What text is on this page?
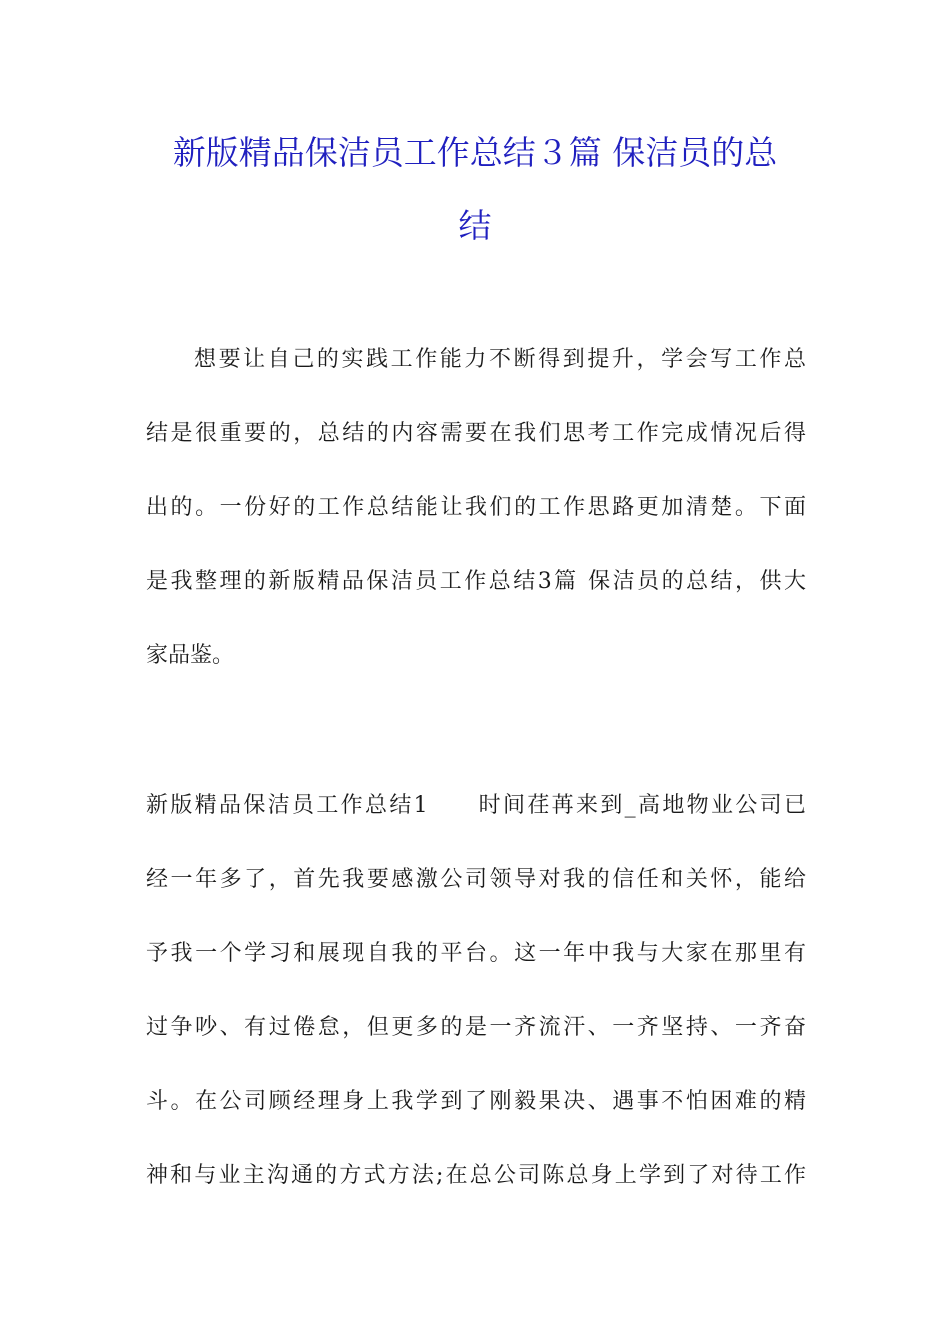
新版精品保洁员工作总结３篇 保洁员的总
结
想要让自己的实践工作能力不断得到提升，学会写工作总
结是很重要的，总结的内容需要在我们思考工作完成情况后得
出的。一份好的工作总结能让我们的工作思路更加清楚。下面
是我整理的新版精品保洁员工作总结3篇 保洁员的总结，供大
家品鉴。
新版精品保洁员工作总结1　　时间荏苒来到_高地物业公司已
经一年多了，首先我要感激公司领导对我的信任和关怀，能给
予我一个学习和展现自我的平台。这一年中我与大家在那里有
过争吵、有过倦怠，但更多的是一齐流汗、一齐坚持、一齐奋
斗。在公司顾经理身上我学到了刚毅果决、遇事不怕困难的精
神和与业主沟通的方式方法;在总公司陈总身上学到了对待工作
